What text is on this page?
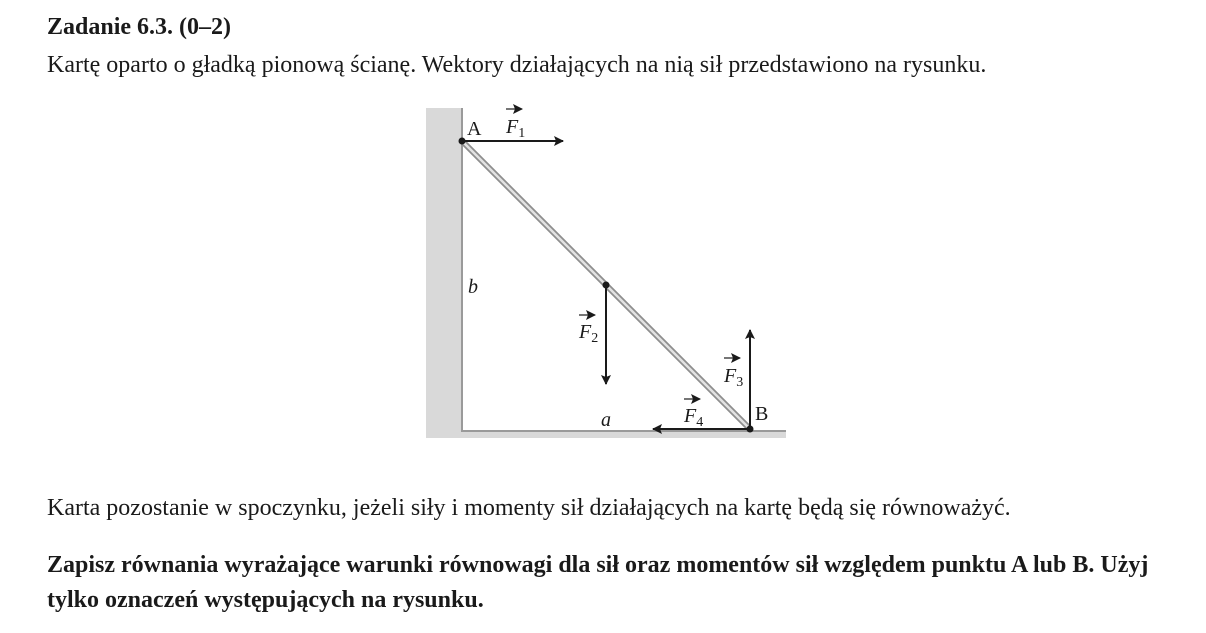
Zadanie 6.3. (0–2)
Kartę oparto o gładką pionową ścianę. Wektory działających na nią sił przedstawiono na rysunku.
A
B
b
a
$F_1$
$F_2$
$F_3$
$F_4$
Karta pozostanie w spoczynku, jeżeli siły i momenty sił działających na kartę będą się równoważyć.
Zapisz równania wyrażające warunki równowagi dla sił oraz momentów sił względem punktu A lub B. Użyj tylko oznaczeń występujących na rysunku.
